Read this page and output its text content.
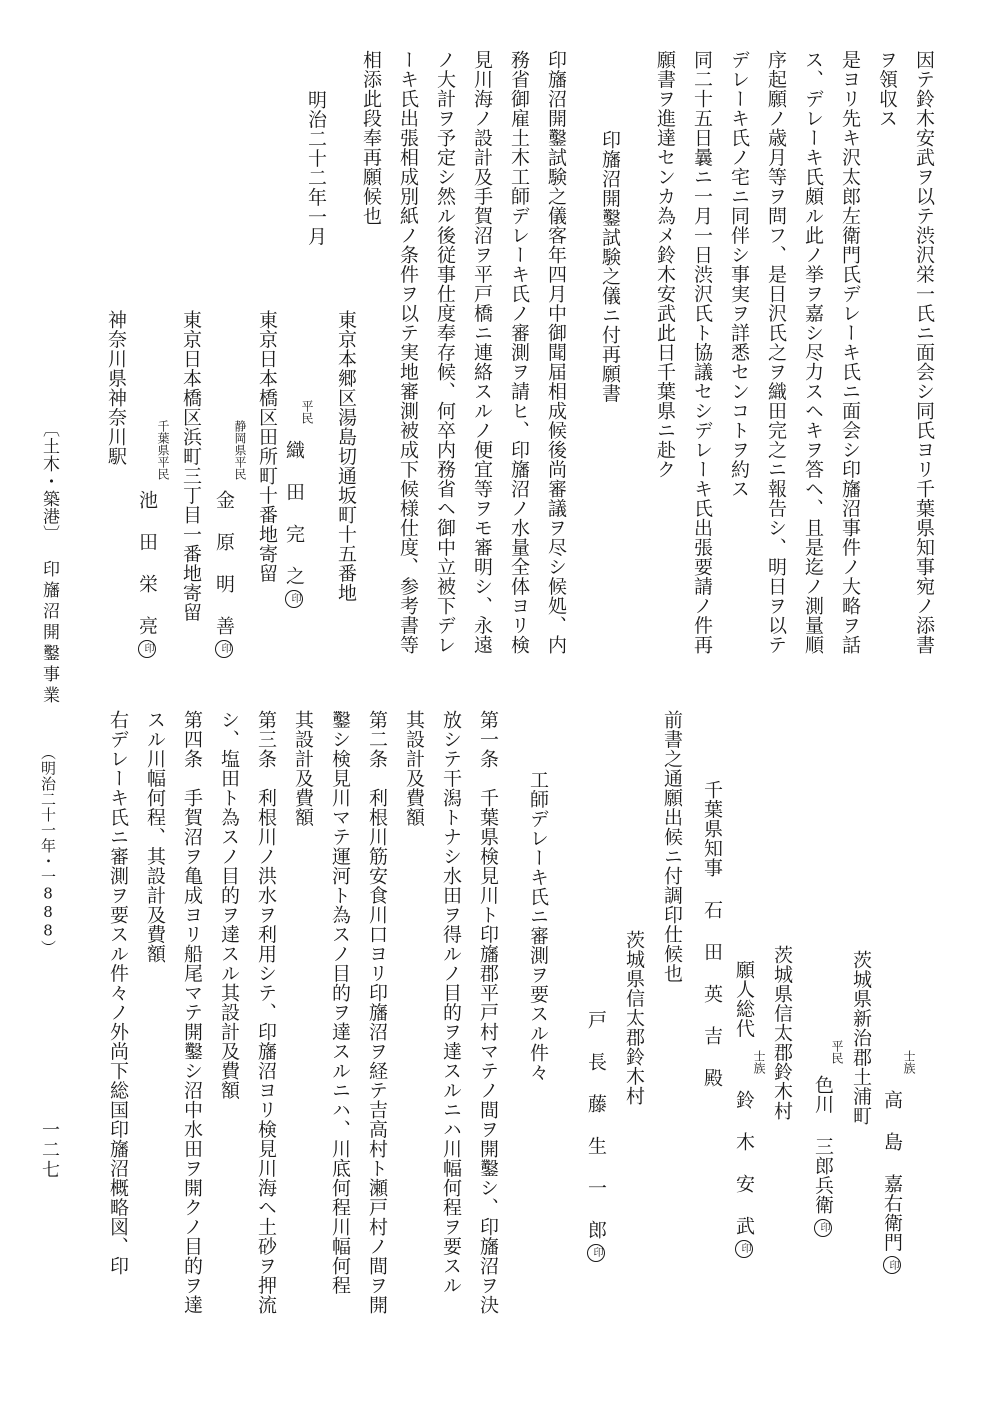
因テ鈴木安武ヲ以テ渋沢栄一氏ニ面会シ同氏ヨリ千葉県知事宛ノ添書
ヲ領収ス
是ヨリ先キ沢太郎左衛門氏デレーキ氏ニ面会シ印旛沼事件ノ大略ヲ話
ス、デレーキ氏頗ル此ノ挙ヲ嘉シ尽力スヘキヲ答ヘ、且是迄ノ測量順
序起願ノ歳月等ヲ問フ、是日沢氏之ヲ織田完之ニ報告シ、明日ヲ以テ
デレーキ氏ノ宅ニ同伴シ事実ヲ詳悉センコトヲ約ス
同二十五日曩ニ一月一日渋沢氏ト協議セシデレーキ氏出張要請ノ件再
願書ヲ進達センカ為メ鈴木安武此日千葉県ニ赴ク
印旛沼開鑿試験之儀ニ付再願書
印旛沼開鑿試験之儀客年四月中御聞届相成候後尚審議ヲ尽シ候処、内
務省御雇土木工師デレーキ氏ノ審測ヲ請ヒ、印旛沼ノ水量全体ヨリ検
見川海ノ設計及手賀沼ヲ平戸橋ニ連絡スルノ便宜等ヲモ審明シ、永遠
ノ大計ヲ予定シ然ル後従事仕度奉存候、何卒内務省ヘ御中立被下デレ
ーキ氏出張相成別紙ノ条件ヲ以テ実地審測被成下候様仕度、参考書等
相添此段奉再願候也
明治二十二年一月
東京本郷区湯島切通坂町十五番地
平民
織 田 完 之印
東京日本橋区田所町十番地寄留
静岡県平民
金 原 明 善印
東京日本橋区浜町三丁目一番地寄留
千葉県平民
池 田 栄 亮印
神奈川県神奈川駅
士族
高 島 嘉右衛門印
茨城県新治郡土浦町
平民
色川 三郎兵衛印
茨城県信太郡鈴木村
願人総代
士族
鈴 木 安 武印
千葉県知事 石 田 英 吉 殿
前書之通願出候ニ付調印仕候也
茨城県信太郡鈴木村
戸 長 藤 生 一 郎印
工師デレーキ氏ニ審測ヲ要スル件々
第一条　千葉県検見川ト印旛郡平戸村マテノ間ヲ開鑿シ、印旛沼ヲ決
放シテ干潟トナシ水田ヲ得ルノ目的ヲ達スルニハ川幅何程ヲ要スル
其設計及費額
第二条　利根川筋安食川口ヨリ印旛沼ヲ経テ吉高村ト瀬戸村ノ間ヲ開
鑿シ検見川マテ運河ト為スノ目的ヲ達スルニハ、川底何程川幅何程
其設計及費額
第三条　利根川ノ洪水ヲ利用シテ、印旛沼ヨリ検見川海ヘ土砂ヲ押流
シ、塩田ト為スノ目的ヲ達スル其設計及費額
第四条　手賀沼ヲ亀成ヨリ船尾マテ開鑿シ沼中水田ヲ開クノ目的ヲ達
スル川幅何程、其設計及費額
右デレーキ氏ニ審測ヲ要スル件々ノ外尚下総国印旛沼概略図、印
〔土木・築港〕
印旛沼開鑿事業
（明治二十一年・一888）
一二七
